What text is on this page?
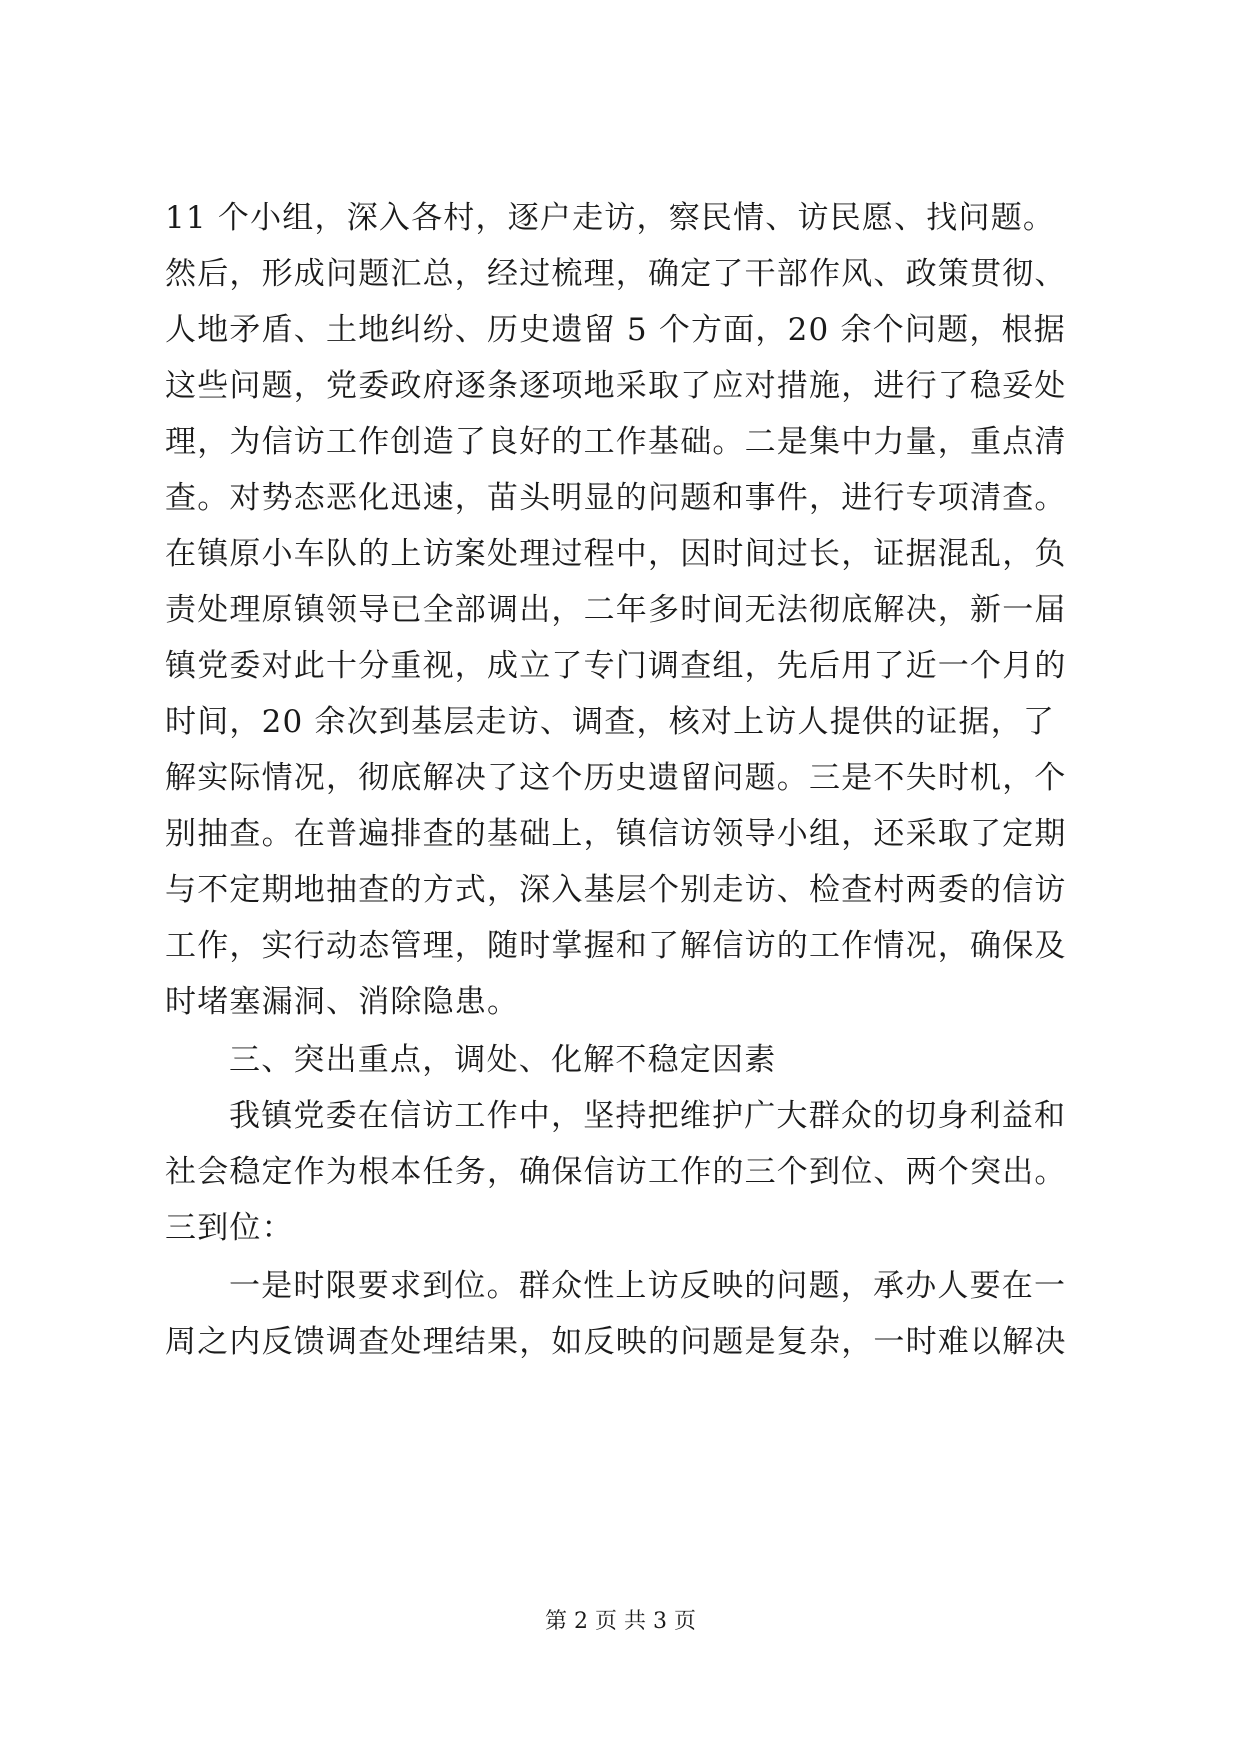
11 个小组，深入各村，逐户走访，察民情、访民愿、找问题。
然后，形成问题汇总，经过梳理，确定了干部作风、政策贯彻、
人地矛盾、土地纠纷、历史遗留 5 个方面，20 余个问题，根据
这些问题，党委政府逐条逐项地采取了应对措施，进行了稳妥处
理，为信访工作创造了良好的工作基础。二是集中力量，重点清
查。对势态恶化迅速，苗头明显的问题和事件，进行专项清查。
在镇原小车队的上访案处理过程中，因时间过长，证据混乱，负
责处理原镇领导已全部调出，二年多时间无法彻底解决，新一届
镇党委对此十分重视，成立了专门调查组，先后用了近一个月的
时间，20 余次到基层走访、调查，核对上访人提供的证据，了
解实际情况，彻底解决了这个历史遗留问题。三是不失时机，个
别抽查。在普遍排查的基础上，镇信访领导小组，还采取了定期
与不定期地抽查的方式，深入基层个别走访、检查村两委的信访
工作，实行动态管理，随时掌握和了解信访的工作情况，确保及
时堵塞漏洞、消除隐患。
三、突出重点，调处、化解不稳定因素
我镇党委在信访工作中，坚持把维护广大群众的切身利益和
社会稳定作为根本任务，确保信访工作的三个到位、两个突出。
三到位：
一是时限要求到位。群众性上访反映的问题，承办人要在一
周之内反馈调查处理结果，如反映的问题是复杂，一时难以解决
第 2 页 共 3 页
